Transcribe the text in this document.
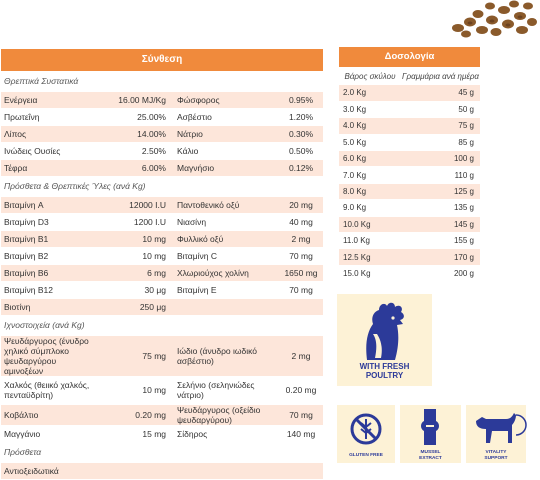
Σύνθεση
Θρεπτικά Συστατικά			
Ενέργεια	16.00 MJ/Kg	Φώσφορος	0.95%
Πρωτεΐνη	25.00%	Ασβέστιο	1.20%
Λίπος	14.00%	Νάτριο	0.30%
Ινώδεις Ουσίες	2.50%	Κάλιο	0.50%
Τέφρα	6.00%	Μαγνήσιο	0.12%
Πρόσθετα & Θρεπτικές Ύλες (ανά Kg)			
Βιταμίνη A	12000 I.U	Παντοθενικό οξύ	20 mg
Βιταμίνη D3	1200 I.U	Νιασίνη	40 mg
Βιταμίνη B1	10 mg	Φυλλικό οξύ	2 mg
Βιταμίνη B2	10 mg	Βιταμίνη C	70 mg
Βιταμίνη B6	6 mg	Χλωριούχος χολίνη	1650 mg
Βιταμίνη B12	30 μg	Βιταμίνη E	70 mg
Βιοτίνη	250 μg		
Ιχνοστοιχεία (ανά Kg)			
Ψευδάργυρος (ένυδρο χηλικό σύμπλοκο ψευδαργύρου αμινοξέων	75 mg	Ιώδιο (άνυδρο ιωδικό ασβέστιο)	2 mg
Χαλκός (θειικό χαλκός, πενταϋδρίτη)	10 mg	Σελήνιο (σεληνιώδες νάτριο)	0.20 mg
Κοβάλτιο	0.20 mg	Ψευδάργυρος (οξείδιο ψευδαργύρου)	70 mg
Μαγγάνιο	15 mg	Σίδηρος	140 mg
Πρόσθετα			
Αντιοξειδωτικά			
Δοσολογία
Βάρος σκύλου Γραμμάρια ανά ημέρα
2.0 Kg	45 g
3.0 Kg	50 g
4.0 Kg	75 g
5.0 Kg	85 g
6.0 Kg	100 g
7.0 Kg	110 g
8.0 Kg	125 g
9.0 Kg	135 g
10.0 Kg	145 g
11.0 Kg	155 g
12.5 Kg	170 g
15.0 Kg	200 g
WITH FRESH
POULTRY
GLUTEN FREE
MUSSEL
EXTRACT
VITALITY
SUPPORT
